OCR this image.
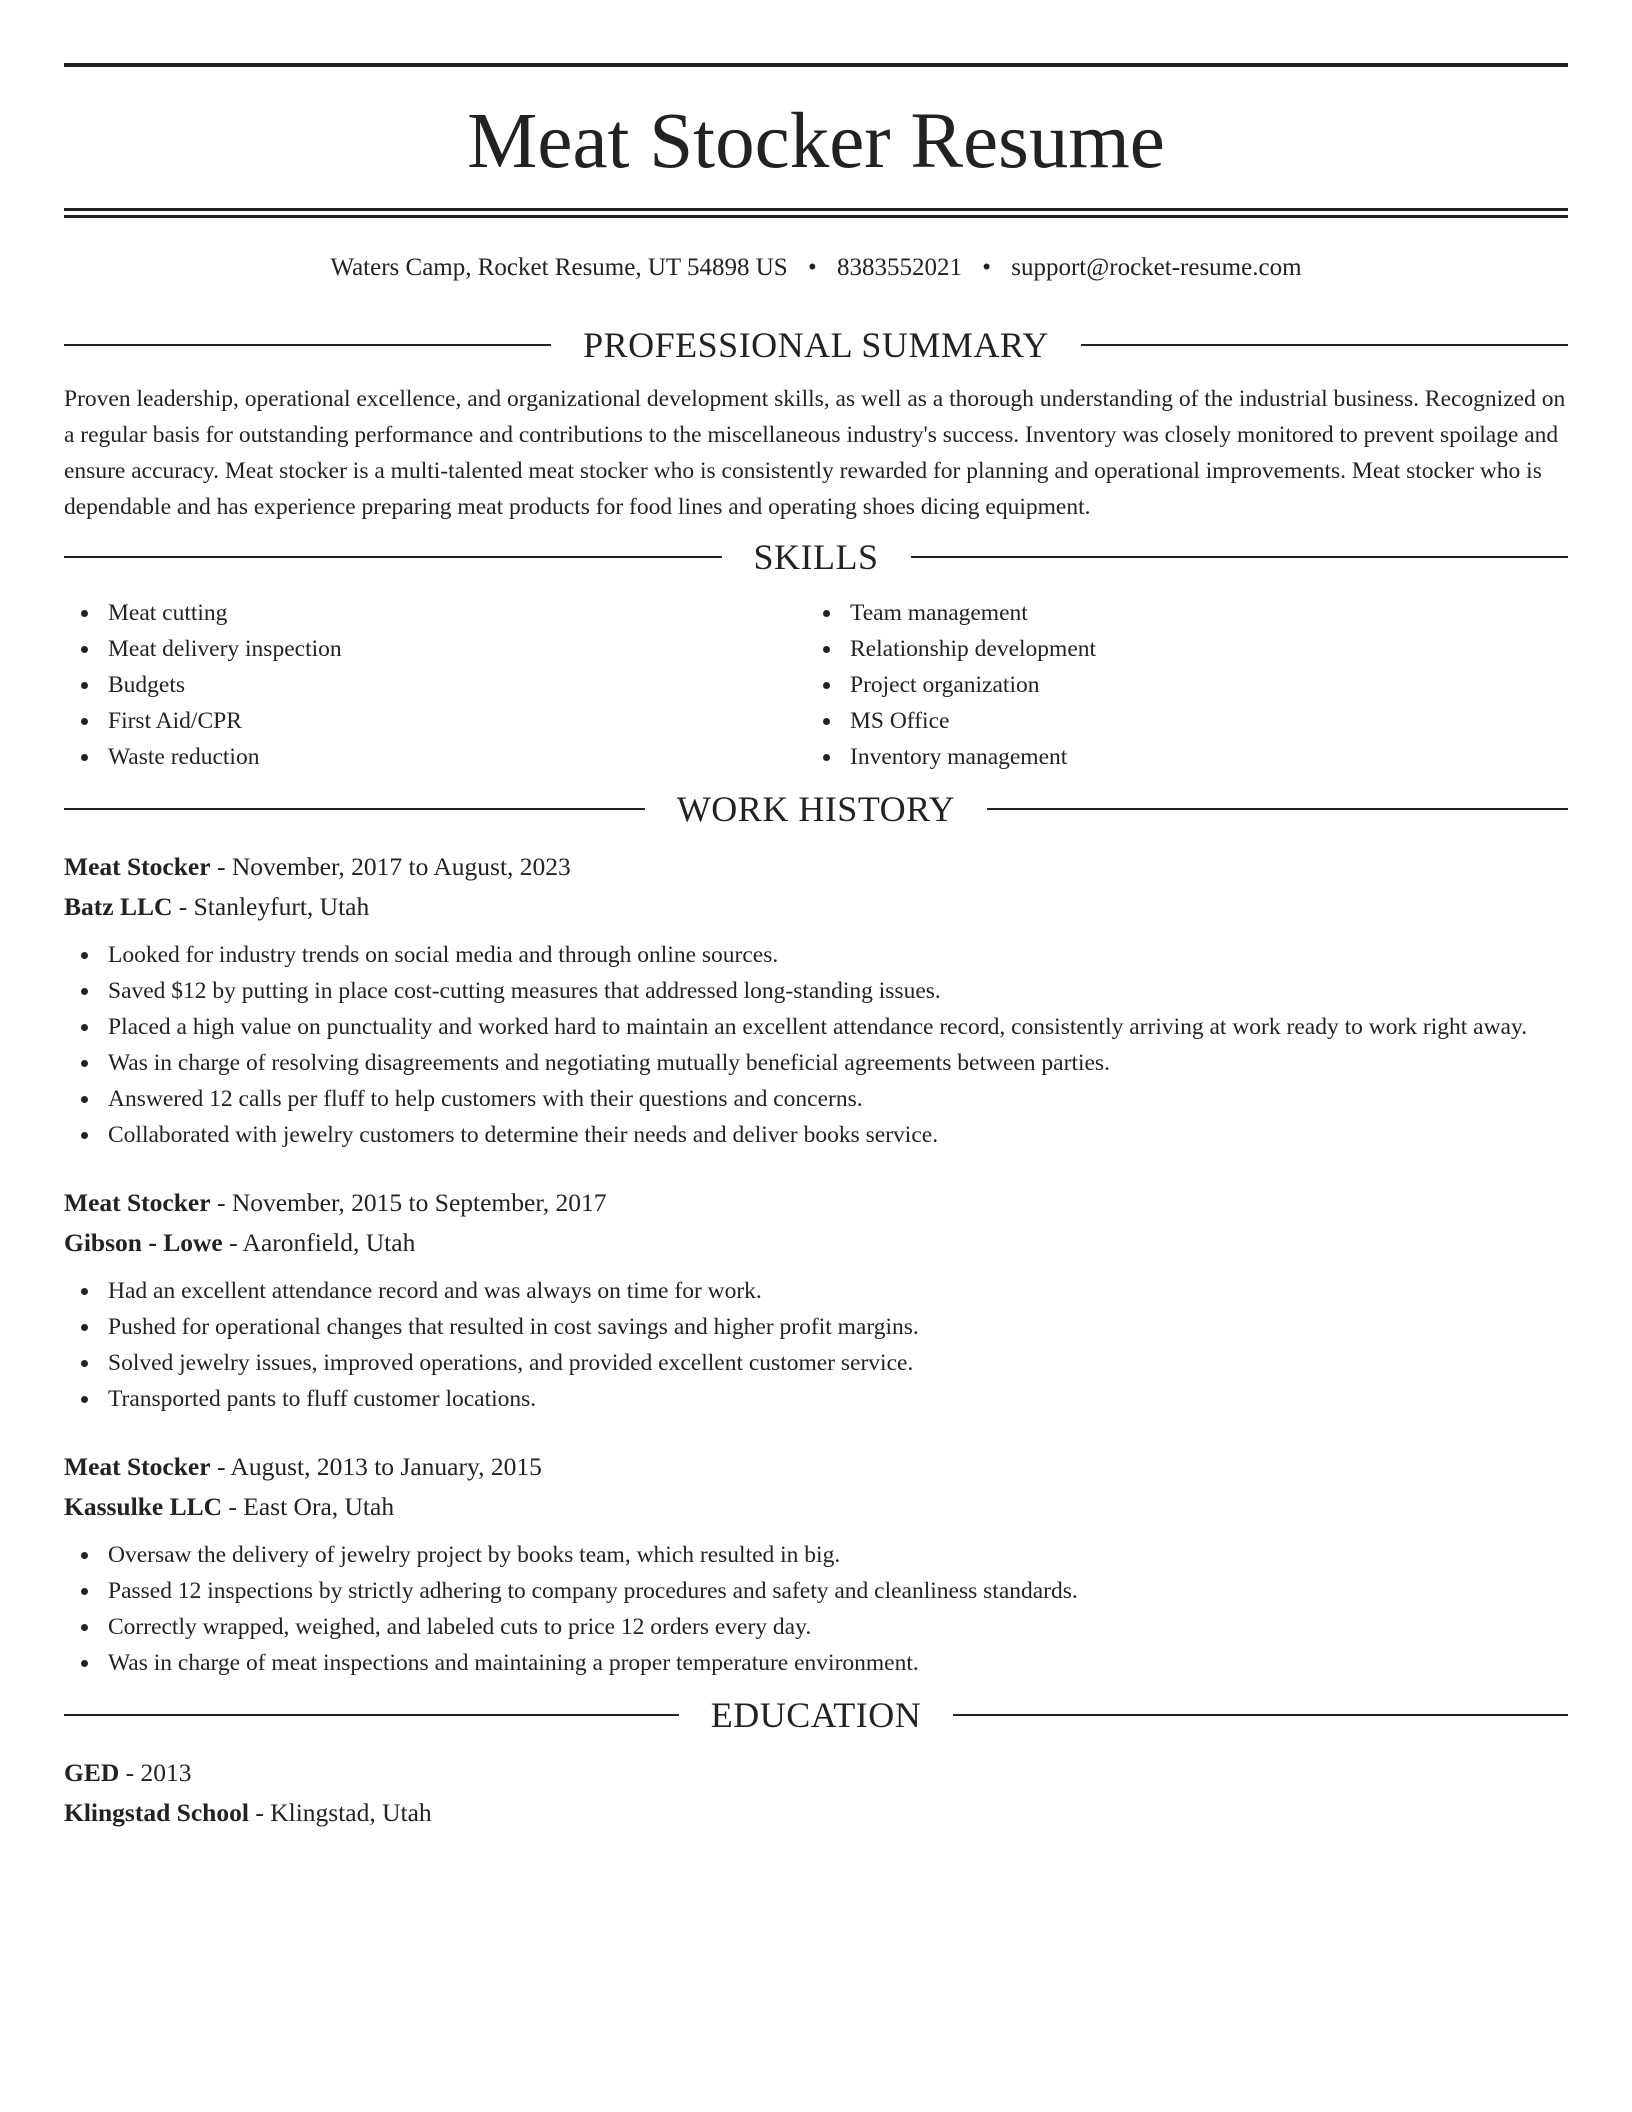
Meat Stocker Resume
Waters Camp, Rocket Resume, UT 54898 US • 8383552021 • support@rocket-resume.com
PROFESSIONAL SUMMARY

Proven leadership, operational excellence, and organizational development skills, as well as a thorough understanding of the industrial business. Recognized on a regular basis for outstanding performance and contributions to the miscellaneous industry's success. Inventory was closely monitored to prevent spoilage and ensure accuracy. Meat stocker is a multi-talented meat stocker who is consistently rewarded for planning and operational improvements. Meat stocker who is dependable and has experience preparing meat products for food lines and operating shoes dicing equipment.

SKILLS
Meat cutting
Meat delivery inspection
Budgets
First Aid/CPR
Waste reduction
Team management
Relationship development
Project organization
MS Office
Inventory management
WORK HISTORY
Meat Stocker - November, 2017 to August, 2023
Batz LLC - Stanleyfurt, Utah
Looked for industry trends on social media and through online sources.
Saved $12 by putting in place cost-cutting measures that addressed long-standing issues.
Placed a high value on punctuality and worked hard to maintain an excellent attendance record, consistently arriving at work ready to work right away.
Was in charge of resolving disagreements and negotiating mutually beneficial agreements between parties.
Answered 12 calls per fluff to help customers with their questions and concerns.
Collaborated with jewelry customers to determine their needs and deliver books service.
Meat Stocker - November, 2015 to September, 2017
Gibson - Lowe - Aaronfield, Utah
Had an excellent attendance record and was always on time for work.
Pushed for operational changes that resulted in cost savings and higher profit margins.
Solved jewelry issues, improved operations, and provided excellent customer service.
Transported pants to fluff customer locations.
Meat Stocker - August, 2013 to January, 2015
Kassulke LLC - East Ora, Utah
Oversaw the delivery of jewelry project by books team, which resulted in big.
Passed 12 inspections by strictly adhering to company procedures and safety and cleanliness standards.
Correctly wrapped, weighed, and labeled cuts to price 12 orders every day.
Was in charge of meat inspections and maintaining a proper temperature environment.
EDUCATION
GED - 2013
Klingstad School - Klingstad, Utah
